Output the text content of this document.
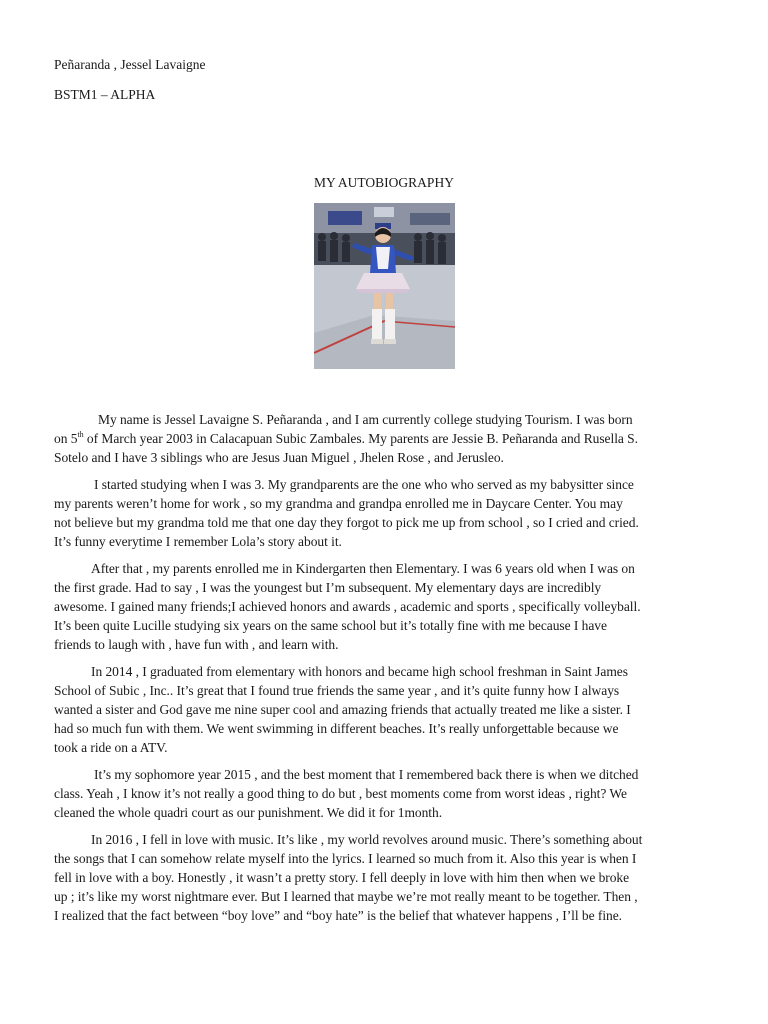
Peñaranda , Jessel Lavaigne
BSTM1 – ALPHA
MY AUTOBIOGRAPHY

My name is Jessel Lavaigne S. Peñaranda , and I am currently college studying Tourism. I was born
on 5th of March year 2003 in Calacapuan Subic Zambales. My parents are Jessie B. Peñaranda and Rusella S.
Sotelo and I have 3 siblings who are Jesus Juan Miguel , Jhelen Rose , and Jerusleo.

I started studying when I was 3. My grandparents are the one who who served as my babysitter since
my parents weren’t home for work , so my grandma and grandpa enrolled me in Daycare Center. You may
not believe but my grandma told me that one day they forgot to pick me up from school , so I cried and cried.
It’s funny everytime I remember Lola’s story about it.

After that , my parents enrolled me in Kindergarten then Elementary. I was 6 years old when I was on
the first grade. Had to say , I was the youngest but I’m subsequent. My elementary days are incredibly
awesome. I gained many friends;I achieved honors and awards , academic and sports , specifically volleyball.
It’s been quite Lucille studying six years on the same school but it’s totally fine with me because I have
friends to laugh with , have fun with , and learn with.

In 2014 , I graduated from elementary with honors and became high school freshman in Saint James
School of Subic , Inc.. It’s great that I found true friends the same year , and it’s quite funny how I always
wanted a sister and God gave me nine super cool and amazing friends that actually treated me like a sister. I
had so much fun with them. We went swimming in different beaches. It’s really unforgettable because we
took a ride on a ATV.

It’s my sophomore year 2015 , and the best moment that I remembered back there is when we ditched
class. Yeah , I know it’s not really a good thing to do but , best moments come from worst ideas , right? We
cleaned the whole quadri court as our punishment. We did it for 1month.

In 2016 , I fell in love with music. It’s like , my world revolves around music. There’s something about
the songs that I can somehow relate myself into the lyrics. I learned so much from it. Also this year is when I
fell in love with a boy. Honestly , it wasn’t a pretty story. I fell deeply in love with him then when we broke
up ; it’s like my worst nightmare ever. But I learned that maybe we’re mot really meant to be together. Then ,
I realized that the fact between “boy love” and “boy hate” is the belief that whatever happens , I’ll be fine.
